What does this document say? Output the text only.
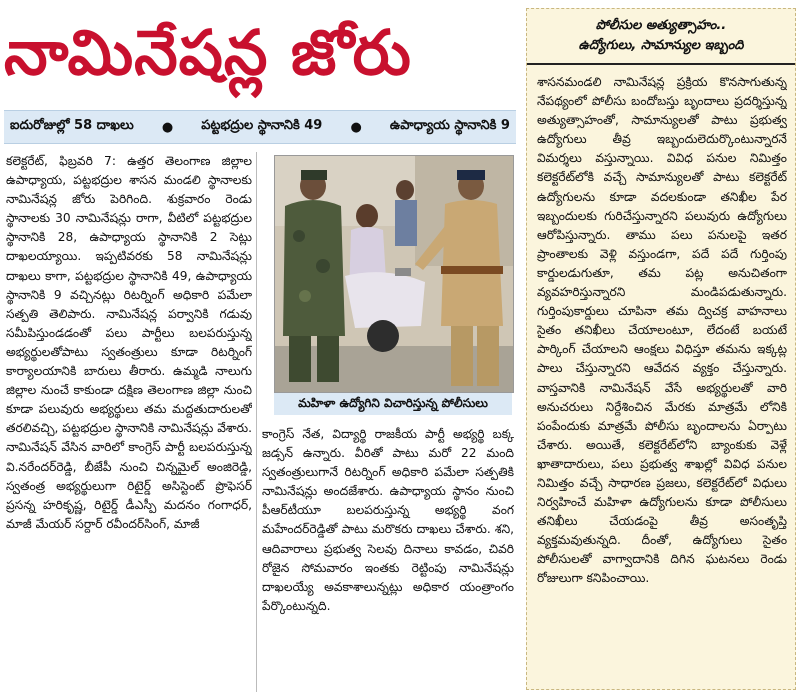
నామినేషన్ల జోరు
ఐదురోజుల్లో 58 దాఖలు ● పట్టభద్రుల స్థానానికి 49 ● ఉపాధ్యాయ స్థానానికి 9

కలెక్టరేట్, ఫిబ్రవరి 7: ఉత్తర తెలంగాణ జిల్లాల ఉపాధ్యాయ, పట్టభద్రుల శాసన మండలి స్థానాలకు నామినేషన్ల జోరు పెరిగింది. శుక్రవారం రెండు స్థానాలకు 30 నామినేషన్లు రాగా, వీటిలో పట్టభద్రుల స్థానానికి 28, ఉపాధ్యాయ స్థానానికి 2 సెట్లు దాఖలయ్యాయి. ఇప్పటివరకు 58 నామినేషన్లు దాఖలు కాగా, పట్టభద్రుల స్థానానికి 49, ఉపాధ్యాయ స్థానానికి 9 వచ్చినట్లు రిటర్నింగ్ అధికారి పమేలా సత్పతి తెలిపారు. నామినేషన్ల పర్వానికి గడువు సమీపిస్తుండడంతో పలు పార్టీలు బలపరుస్తున్న అభ్యర్థులతోపాటు స్వతంత్రులు కూడా రిటర్నింగ్ కార్యాలయానికి బారులు తీరారు. ఉమ్మడి నాలుగు జిల్లాల నుంచే కాకుండా దక్షిణ తెలంగాణ జిల్లా నుంచి కూడా పలువురు అభ్యర్థులు తమ మద్దతుదారులతో తరలివచ్చి, పట్టభద్రుల స్థానానికి నామినేషన్లు వేశారు. నామినేషన్ వేసిన వారిలో కాంగ్రెస్ పార్టీ బలపరుస్తున్న వి.నరేందర్‌రెడ్డి, బీజేపీ నుంచి చిన్నమైల్ అంజిరెడ్డి, స్వతంత్ర అభ్యర్థులుగా రిటైర్డ్ అసిస్టెంట్ ప్రొఫెసర్ ప్రసన్న హరికృష్ణ, రిటైర్డ్ డీఎస్పీ మదనం గంగాధర్, మాజీ మేయర్ సర్దార్ రవీందర్‌సింగ్, మాజీ

మహిళా ఉద్యోగిని విచారిస్తున్న పోలీసులు

కాంగ్రెస్ నేత, విద్యార్థి రాజకీయ పార్టీ అభ్యర్థి బక్క జడ్సన్ ఉన్నారు. వీరితో పాటు మరో 22 మంది స్వతంత్రులుగానే రిటర్నింగ్ అధికారి పమేలా సత్పతికి నామినేషన్లు అందజేశారు. ఉపాధ్యాయ స్థానం నుంచి పీఆర్‌టీయూ బలపరుస్తున్న అభ్యర్థి వంగ మహేందర్‌రెడ్డితో పాటు మరొకరు దాఖలు చేశారు. శని, ఆదివారాలు ప్రభుత్వ సెలవు దినాలు కావడం, చివరి రోజైన సోమవారం ఇంతకు రెట్టింపు నామినేషన్లు దాఖలయ్యే అవకాశాలున్నట్లు అధికార యంత్రాంగం పేర్కొంటున్నది.

పోలీసుల అత్యుత్సాహం..
ఉద్యోగులు, సామాన్యుల ఇబ్బంది

శాసనమండలి నామినేషన్ల ప్రక్రియ కొనసాగుతున్న నేపథ్యంలో పోలీసు బందోబస్తు బృందాలు ప్రదర్శిస్తున్న అత్యుత్సాహంతో, సామాన్యులతో పాటు ప్రభుత్వ ఉద్యోగులు తీవ్ర ఇబ్బందులెదుర్కొంటున్నారనే విమర్శలు వస్తున్నాయి. వివిధ పనుల నిమిత్తం కలెక్టరేట్‌లోకి వచ్చే సామాన్యులతో పాటు కలెక్టరేట్ ఉద్యోగులను కూడా వదలకుండా తనిఖీల పేర ఇబ్బందులకు గురిచేస్తున్నారని పలువురు ఉద్యోగులు ఆరోపిస్తున్నారు. తాము పలు పనులపై ఇతర ప్రాంతాలకు వెళ్లి వస్తుండగా, పదే పదే గుర్తింపు కార్డులడుగుతూ, తమ పట్ల అనుచితంగా వ్యవహరిస్తున్నారని మండిపడుతున్నారు. గుర్తింపుకార్డులు చూపినా తమ ద్విచక్ర వాహనాలు సైతం తనిఖీలు చేయాలంటూ, లేదంటే బయటే పార్కింగ్ చేయాలని ఆంక్షలు విధిస్తూ తమను ఇక్కట్ల పాలు చేస్తున్నారని ఆవేదన వ్యక్తం చేస్తున్నారు. వాస్తవానికి నామినేషన్ వేసే అభ్యర్థులతో వారి అనుచరులు నిర్దేశించిన మేరకు మాత్రమే లోనికి పంపేందుకు మాత్రమే పోలీసు బృందాలను ఏర్పాటు చేశారు. అయితే, కలెక్టరేట్‌లోని బ్యాంకుకు వెళ్లే ఖాతాదారులు, పలు ప్రభుత్వ శాఖల్లో వివిధ పనుల నిమిత్తం వచ్చే సాధారణ ప్రజలు, కలెక్టరేట్‌లో విధులు నిర్వహించే మహిళా ఉద్యోగులను కూడా పోలీసులు తనిఖీలు చేయడంపై తీవ్ర అసంతృప్తి వ్యక్తమవుతున్నది. దీంతో, ఉద్యోగులు సైతం పోలీసులతో వాగ్వాదానికి దిగిన ఘటనలు రెండు రోజులుగా కనిపించాయి.
